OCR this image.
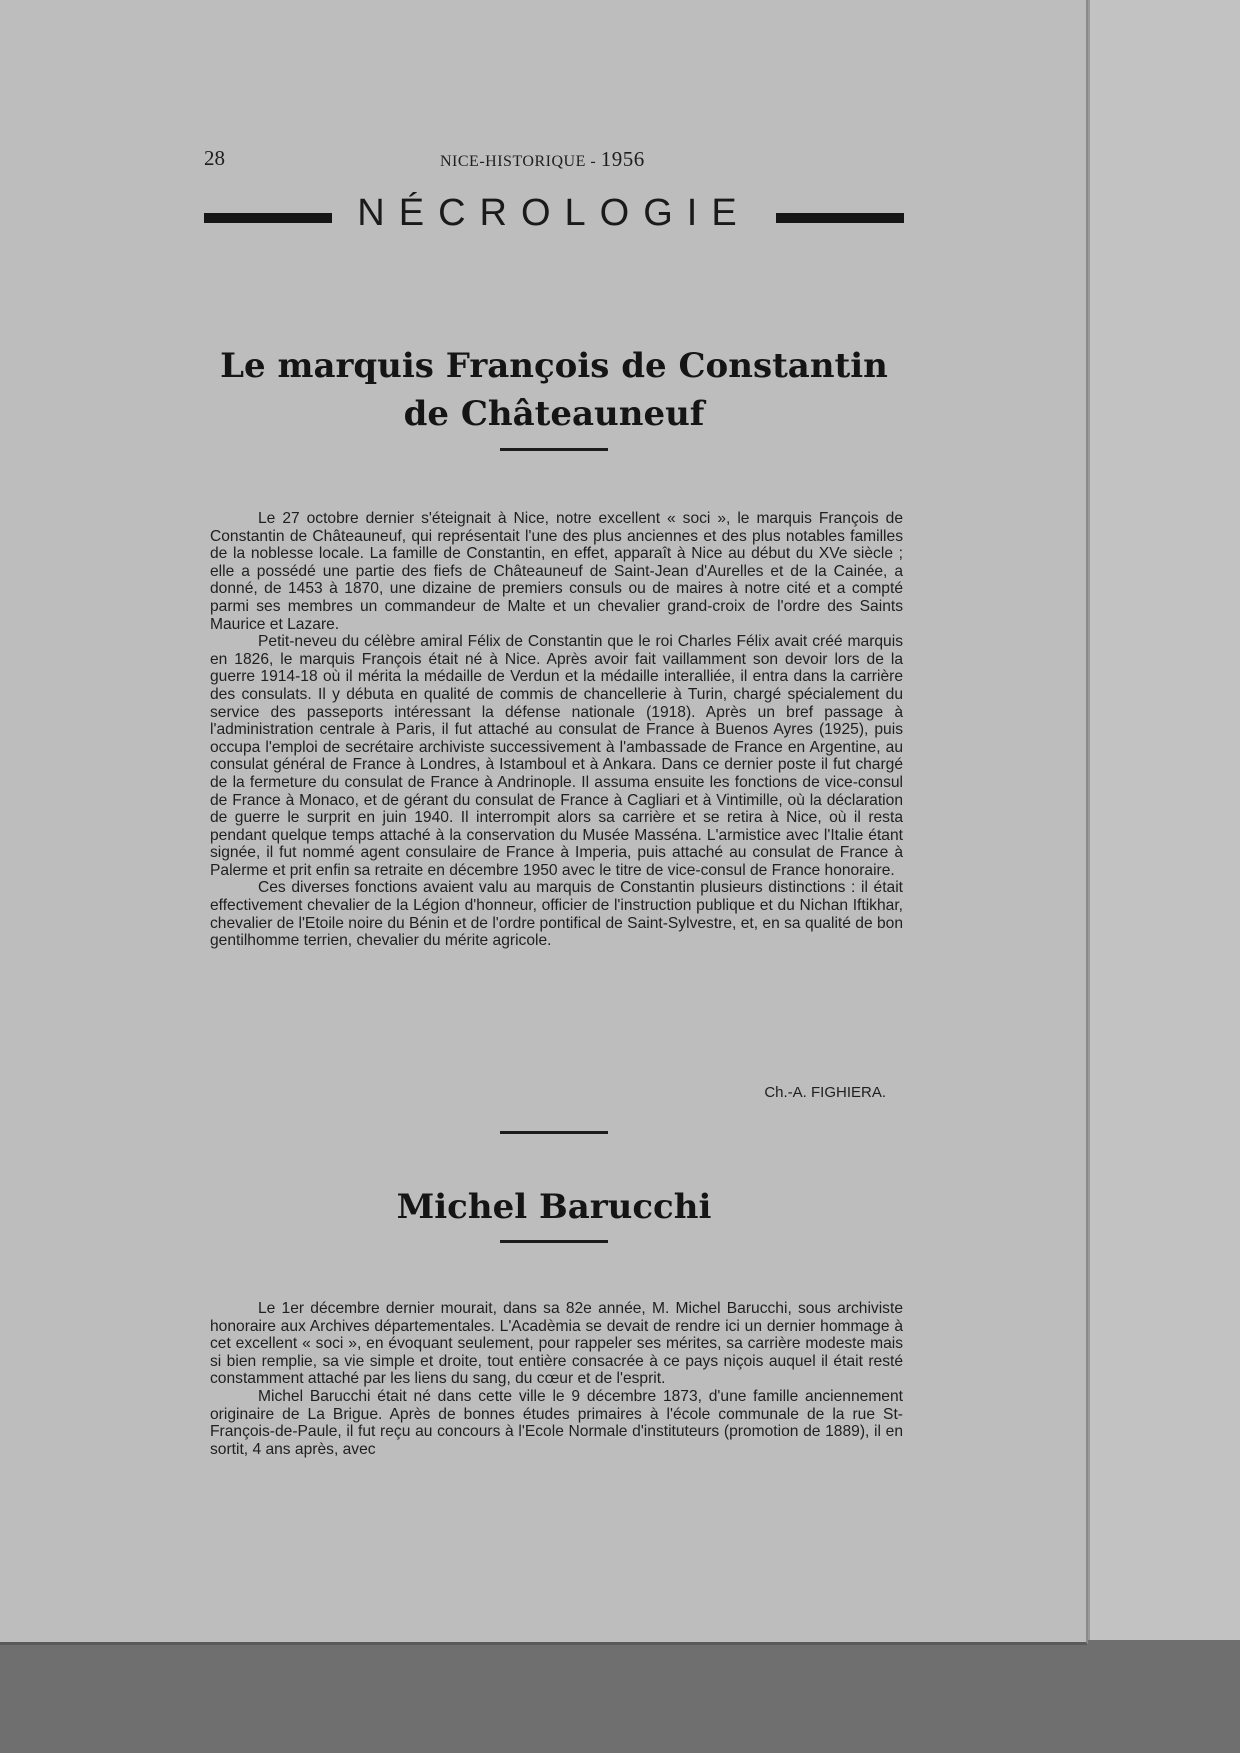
28	NICE-HISTORIQUE - 1956
NÉCROLOGIE
Le marquis François de Constantin
de Châteauneuf

Le 27 octobre dernier s'éteignait à Nice, notre excellent « soci », le marquis François de Constantin de Châteauneuf, qui représentait l'une des plus anciennes et des plus notables familles de la noblesse locale. La famille de Constantin, en effet, apparaît à Nice au début du XVe siècle ; elle a possédé une partie des fiefs de Châteauneuf de Saint-Jean d'Aurelles et de la Cainée, a donné, de 1453 à 1870, une dizaine de premiers consuls ou de maires à notre cité et a compté parmi ses membres un commandeur de Malte et un chevalier grand-croix de l'ordre des Saints Maurice et Lazare.

Petit-neveu du célèbre amiral Félix de Constantin que le roi Charles Félix avait créé marquis en 1826, le marquis François était né à Nice. Après avoir fait vaillamment son devoir lors de la guerre 1914-18 où il mérita la médaille de Verdun et la médaille interalliée, il entra dans la carrière des consulats. Il y débuta en qualité de commis de chancellerie à Turin, chargé spécialement du service des passeports intéressant la défense nationale (1918). Après un bref passage à l'administration centrale à Paris, il fut attaché au consulat de France à Buenos Ayres (1925), puis occupa l'emploi de secrétaire archiviste successivement à l'ambassade de France en Argentine, au consulat général de France à Londres, à Istamboul et à Ankara. Dans ce dernier poste il fut chargé de la fermeture du consulat de France à Andrinople. Il assuma ensuite les fonctions de vice-consul de France à Monaco, et de gérant du consulat de France à Cagliari et à Vintimille, où la déclaration de guerre le surprit en juin 1940. Il interrompit alors sa carrière et se retira à Nice, où il resta pendant quelque temps attaché à la conservation du Musée Masséna. L'armistice avec l'Italie étant signée, il fut nommé agent consulaire de France à Imperia, puis attaché au consulat de France à Palerme et prit enfin sa retraite en décembre 1950 avec le titre de vice-consul de France honoraire.

Ces diverses fonctions avaient valu au marquis de Constantin plusieurs distinctions : il était effectivement chevalier de la Légion d'honneur, officier de l'instruction publique et du Nichan Iftikhar, chevalier de l'Etoile noire du Bénin et de l'ordre pontifical de Saint-Sylvestre, et, en sa qualité de bon gentilhomme terrien, chevalier du mérite agricole.

Ch.-A. FIGHIERA.
Michel Barucchi

Le 1er décembre dernier mourait, dans sa 82e année, M. Michel Barucchi, sous archiviste honoraire aux Archives départementales. L'Acadèmia se devait de rendre ici un dernier hommage à cet excellent « soci », en évoquant seulement, pour rappeler ses mérites, sa carrière modeste mais si bien remplie, sa vie simple et droite, tout entière consacrée à ce pays niçois auquel il était resté constamment attaché par les liens du sang, du cœur et de l'esprit.

Michel Barucchi était né dans cette ville le 9 décembre 1873, d'une famille anciennement originaire de La Brigue. Après de bonnes études primaires à l'école communale de la rue St-François-de-Paule, il fut reçu au concours à l'Ecole Normale d'instituteurs (promotion de 1889), il en sortit, 4 ans après, avec
